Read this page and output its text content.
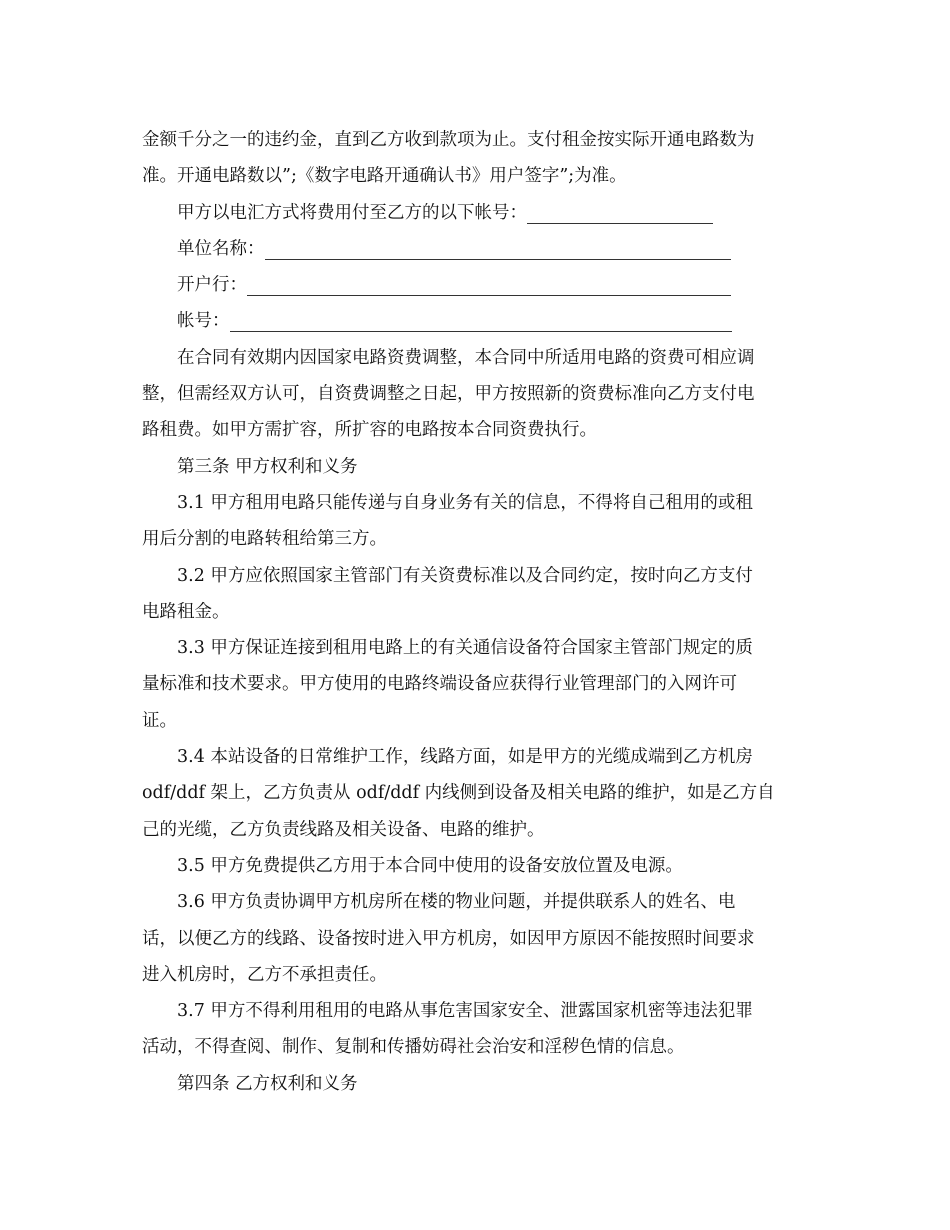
金额千分之一的违约金，直到乙方收到款项为止。支付租金按实际开通电路数为
准。开通电路数以”;《数字电路开通确认书》用户签字”;为准。
甲方以电汇方式将费用付至乙方的以下帐号：
单位名称：
开户行：
帐号：
在合同有效期内因国家电路资费调整，本合同中所适用电路的资费可相应调
整，但需经双方认可，自资费调整之日起，甲方按照新的资费标准向乙方支付电
路租费。如甲方需扩容，所扩容的电路按本合同资费执行。
第三条 甲方权利和义务
3.1 甲方租用电路只能传递与自身业务有关的信息，不得将自己租用的或租
用后分割的电路转租给第三方。
3.2 甲方应依照国家主管部门有关资费标准以及合同约定，按时向乙方支付
电路租金。
3.3 甲方保证连接到租用电路上的有关通信设备符合国家主管部门规定的质
量标准和技术要求。甲方使用的电路终端设备应获得行业管理部门的入网许可
证。
3.4 本站设备的日常维护工作，线路方面，如是甲方的光缆成端到乙方机房
odf/ddf 架上，乙方负责从 odf/ddf 内线侧到设备及相关电路的维护，如是乙方自
己的光缆，乙方负责线路及相关设备、电路的维护。
3.5 甲方免费提供乙方用于本合同中使用的设备安放位置及电源。
3.6 甲方负责协调甲方机房所在楼的物业问题，并提供联系人的姓名、电
话，以便乙方的线路、设备按时进入甲方机房，如因甲方原因不能按照时间要求
进入机房时，乙方不承担责任。
3.7 甲方不得利用租用的电路从事危害国家安全、泄露国家机密等违法犯罪
活动，不得查阅、制作、复制和传播妨碍社会治安和淫秽色情的信息。
第四条 乙方权利和义务
